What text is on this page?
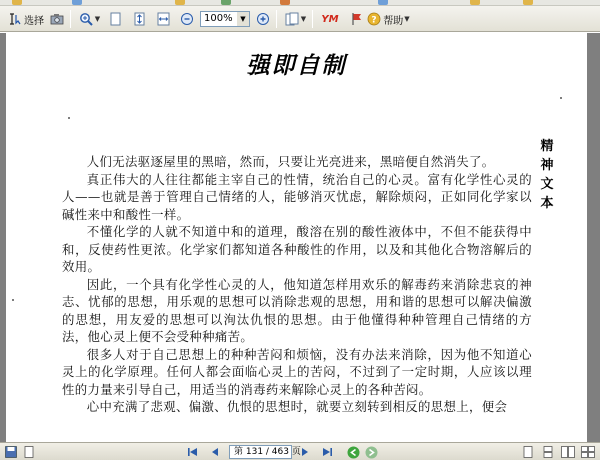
选择	▼	100%	▼	▼ YM	? 帮助 ▼
强即自制
精神文本

人们无法驱逐屋里的黑暗，然而，只要让光亮进来，黑暗便自然消失了。

真正伟大的人往往都能主宰自己的性情，统治自己的心灵。富有化学性心灵的人——也就是善于管理自己情绪的人，能够消灭忧虑，解除烦闷，正如同化学家以碱性来中和酸性一样。

不懂化学的人就不知道中和的道理，酸溶在别的酸性液体中，不但不能获得中和，反使药性更浓。化学家们都知道各种酸性的作用，以及和其他化合物溶解后的效用。

因此，一个具有化学性心灵的人，他知道怎样用欢乐的解毒药来消除悲哀的神志、忧郁的思想，用乐观的思想可以消除悲观的思想，用和谐的思想可以解决偏激的思想，用友爱的思想可以洵汰仇恨的思想。由于他懂得种种管理自己情绪的方法，他心灵上便不会受种种痛苦。

很多人对于自己思想上的种种苦闷和烦恼，没有办法来消除，因为他不知道心灵上的化学原理。任何人都会面临心灵上的苦闷，不过到了一定时期，人应该以理性的力量来引导自己，用适当的消毒药来解除心灵上的各种苦闷。

心中充满了悲观、偏激、仇恨的思想时，就要立刻转到相反的思想上，便会

第 131 / 463 页
